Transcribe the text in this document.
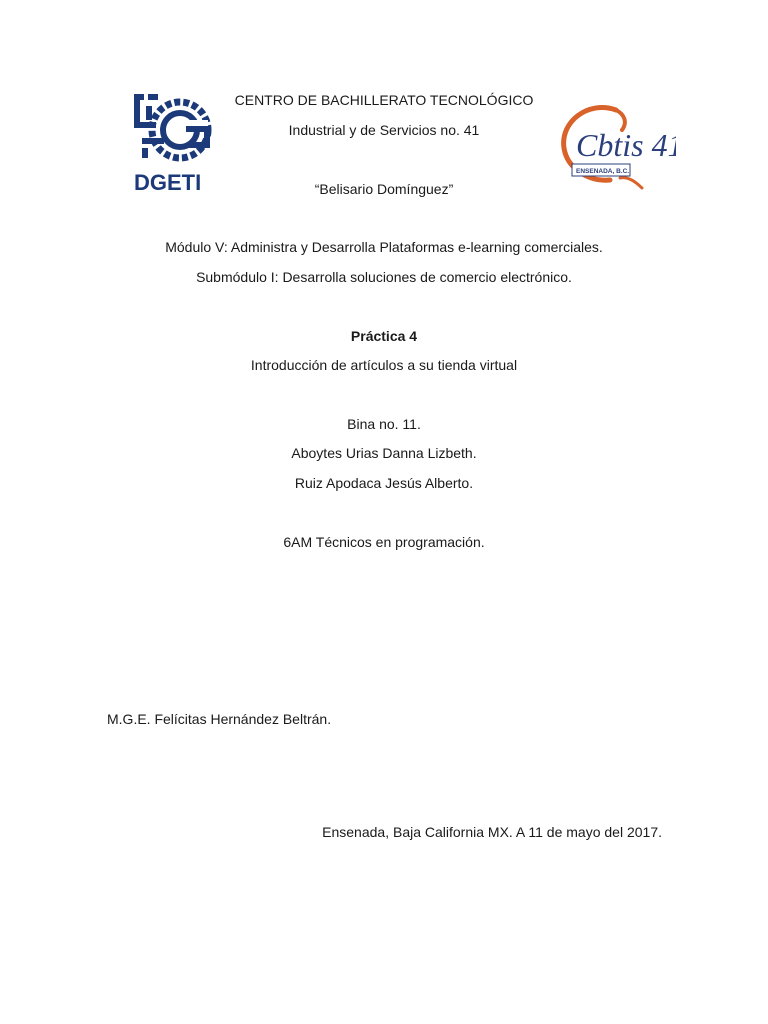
DGETI
Cbtis 41
ENSENADA, B.C.
CENTRO DE BACHILLERATO TECNOLÓGICO
Industrial y de Servicios no. 41
“Belisario Domínguez”
Módulo V: Administra y Desarrolla Plataformas e-learning comerciales.
Submódulo I: Desarrolla soluciones de comercio electrónico.
Práctica 4
Introducción de artículos a su tienda virtual
Bina no. 11.
Aboytes Urias Danna Lizbeth.
Ruiz Apodaca Jesús Alberto.
6AM Técnicos en programación.
M.G.E. Felícitas Hernández Beltrán.
Ensenada, Baja California MX. A 11 de mayo del 2017.
